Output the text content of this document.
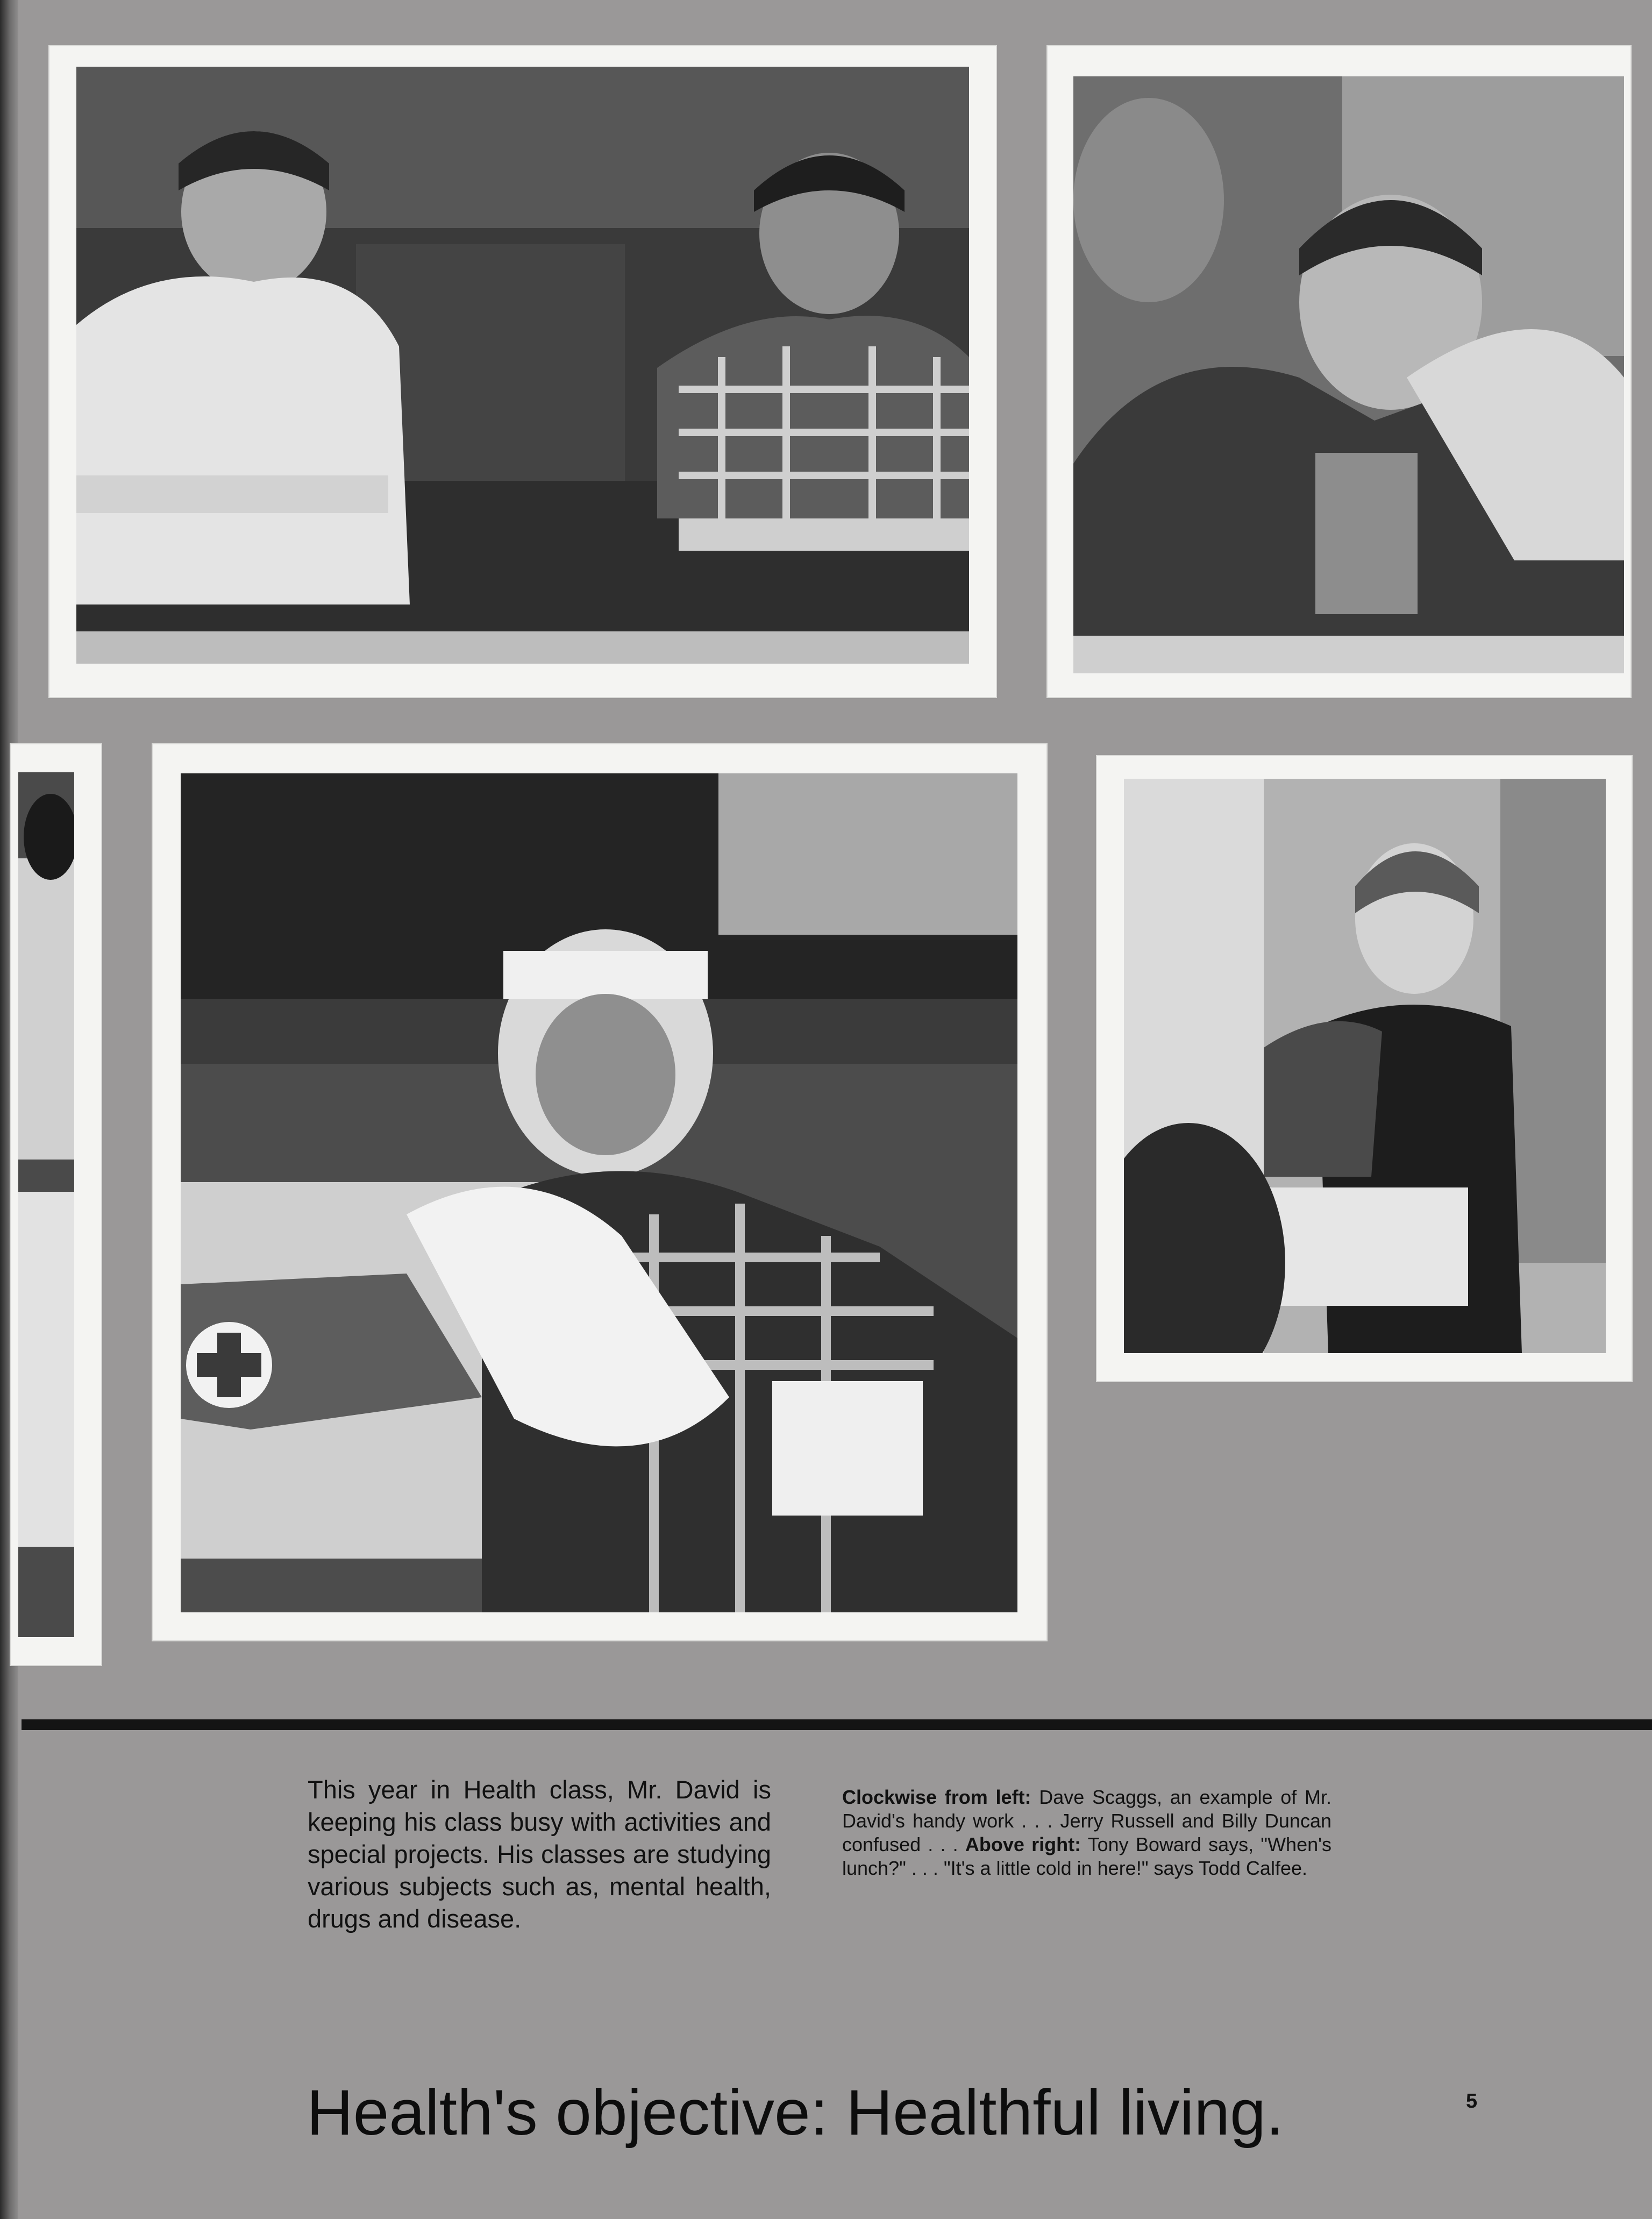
This year in Health class, Mr. David is keeping his class busy with activities and special projects. His classes are studying various subjects such as, mental health, drugs and disease.

Clockwise from left: Dave Scaggs, an example of Mr. David's handy work . . . Jerry Russell and Billy Duncan confused . . . Above right: Tony Boward says, "When's lunch?" . . . "It's a little cold in here!" says Todd Calfee.

Health's objective: Healthful living.	5
